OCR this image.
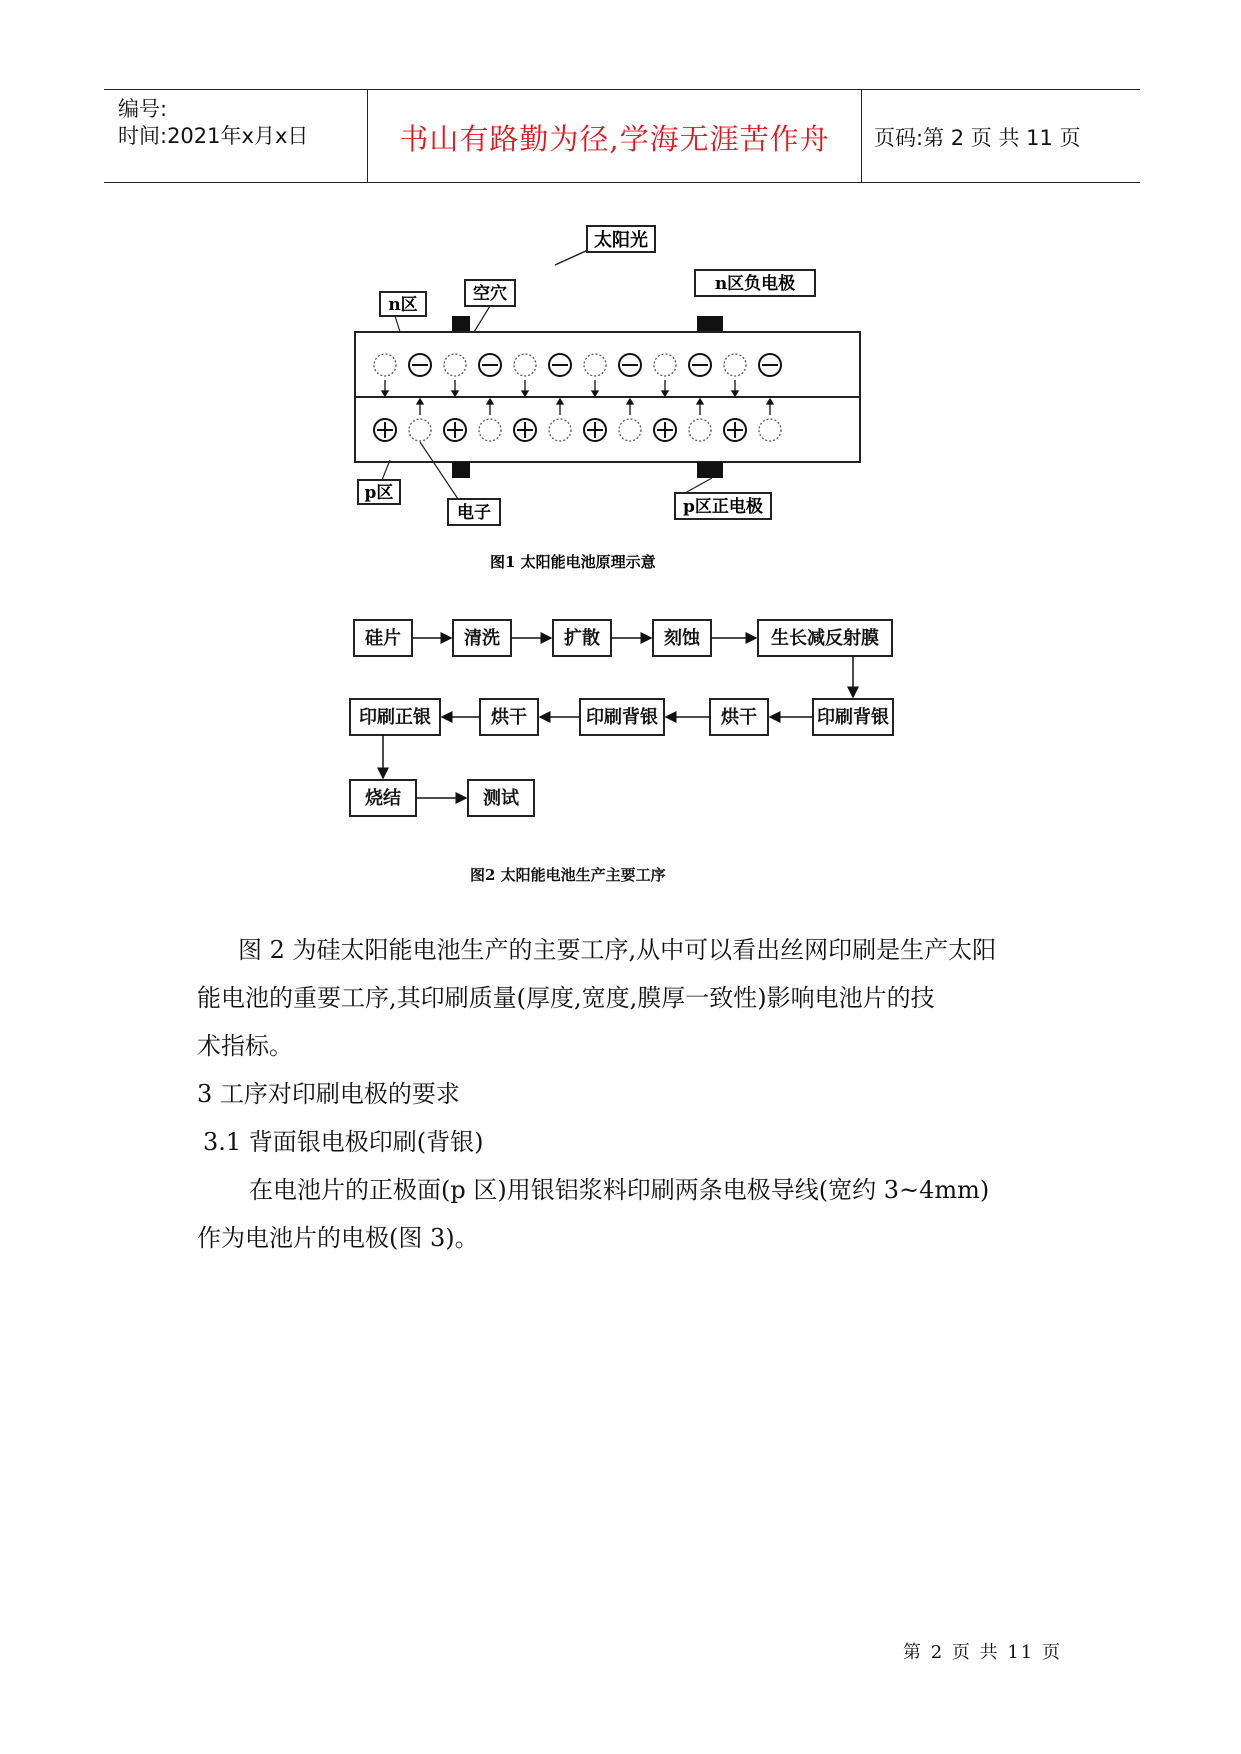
编号:
时间:2021年x月x日	书山有路勤为径,学海无涯苦作舟	页码:第 2 页 共 11 页
太阳光
n区
空穴	n区负电极
p区
电子	p区正电极
图1 太阳能电池原理示意
硅片	清洗	扩散	刻蚀	生长减反射膜
印刷背银
烘干
印刷背银
烘干
印刷正银
烧结	测试
图2 太阳能电池生产主要工序
图 2 为硅太阳能电池生产的主要工序,从中可以看出丝网印刷是生产太阳
能电池的重要工序,其印刷质量(厚度,宽度,膜厚一致性)影响电池片的技
术指标。
3 工序对印刷电极的要求
3.1 背面银电极印刷(背银)
在电池片的正极面(p 区)用银铝浆料印刷两条电极导线(宽约 3~4mm)
作为电池片的电极(图 3)。
第 2 页 共 11 页
